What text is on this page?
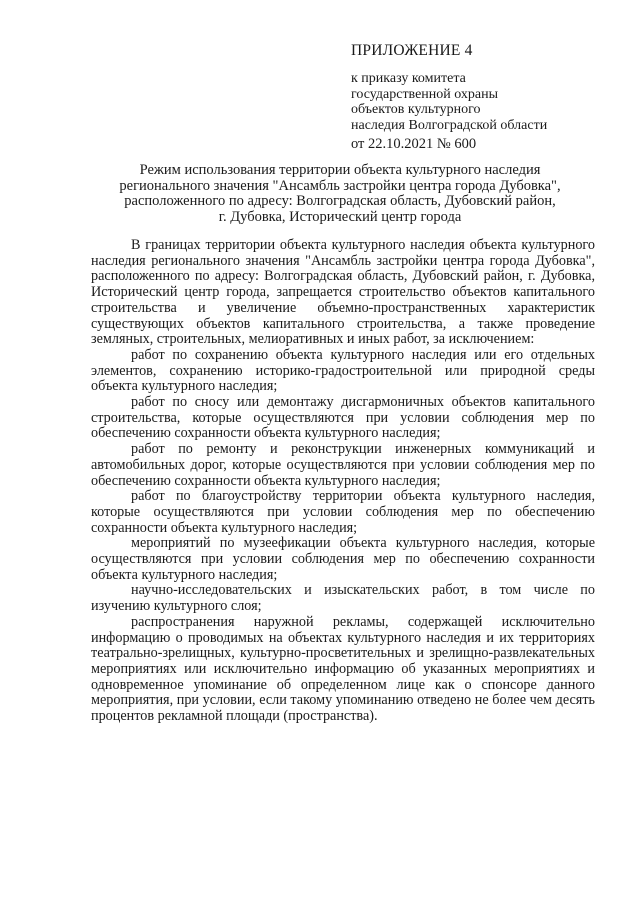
ПРИЛОЖЕНИЕ 4
к приказу комитета
государственной охраны
объектов культурного
наследия Волгоградской области
от 22.10.2021 № 600
Режим использования территории объекта культурного наследия
регионального значения "Ансамбль застройки центра города Дубовка",
расположенного по адресу: Волгоградская область, Дубовский район,
г. Дубовка, Исторический центр города

В границах территории объекта культурного наследия объекта культурного наследия регионального значения "Ансамбль застройки центра города Дубовка", расположенного по адресу: Волгоградская область, Дубовский район, г. Дубовка, Исторический центр города, запрещается строительство объектов капитального строительства и увеличение объемно-пространственных характеристик существующих объектов капитального строительства, а также проведение земляных, строительных, мелиоративных и иных работ, за исключением:

работ по сохранению объекта культурного наследия или его отдельных элементов, сохранению историко-градостроительной или природной среды объекта культурного наследия;

работ по сносу или демонтажу дисгармоничных объектов капитального строительства, которые осуществляются при условии соблюдения мер по обеспечению сохранности объекта культурного наследия;

работ по ремонту и реконструкции инженерных коммуникаций и автомобильных дорог, которые осуществляются при условии соблюдения мер по обеспечению сохранности объекта культурного наследия;

работ по благоустройству территории объекта культурного наследия, которые осуществляются при условии соблюдения мер по обеспечению сохранности объекта культурного наследия;

мероприятий по музеефикации объекта культурного наследия, которые осуществляются при условии соблюдения мер по обеспечению сохранности объекта культурного наследия;

научно-исследовательских и изыскательских работ, в том числе по изучению культурного слоя;

распространения наружной рекламы, содержащей исключительно информацию о проводимых на объектах культурного наследия и их территориях театрально-зрелищных, культурно-просветительных и зрелищно-развлекательных мероприятиях или исключительно информацию об указанных мероприятиях и одновременное упоминание об определенном лице как о спонсоре данного мероприятия, при условии, если такому упоминанию отведено не более чем десять процентов рекламной площади (пространства).
